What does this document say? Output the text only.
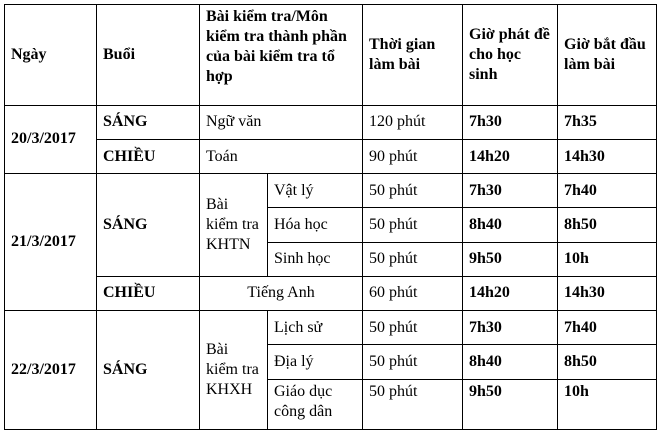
Ngày	Buổi	Bài kiểm tra/Môn kiểm tra thành phần của bài kiểm tra tổ hợp		Thời gian làm bài	Giờ phát đề cho học sinh	Giờ bắt đầu làm bài
20/3/2017	SÁNG	Ngữ văn		120 phút	7h30	7h35
	CHIỀU	Toán		90 phút	14h20	14h30
21/3/2017	SÁNG	Bài kiểm tra KHTN	Vật lý	50 phút	7h30	7h40
			Hóa học	50 phút	8h40	8h50
			Sinh học	50 phút	9h50	10h
	CHIỀU	Tiếng Anh		60 phút	14h20	14h30
22/3/2017	SÁNG	Bài kiểm tra KHXH	Lịch sử	50 phút	7h30	7h40
			Địa lý	50 phút	8h40	8h50
			Giáo dục công dân	50 phút	9h50	10h
